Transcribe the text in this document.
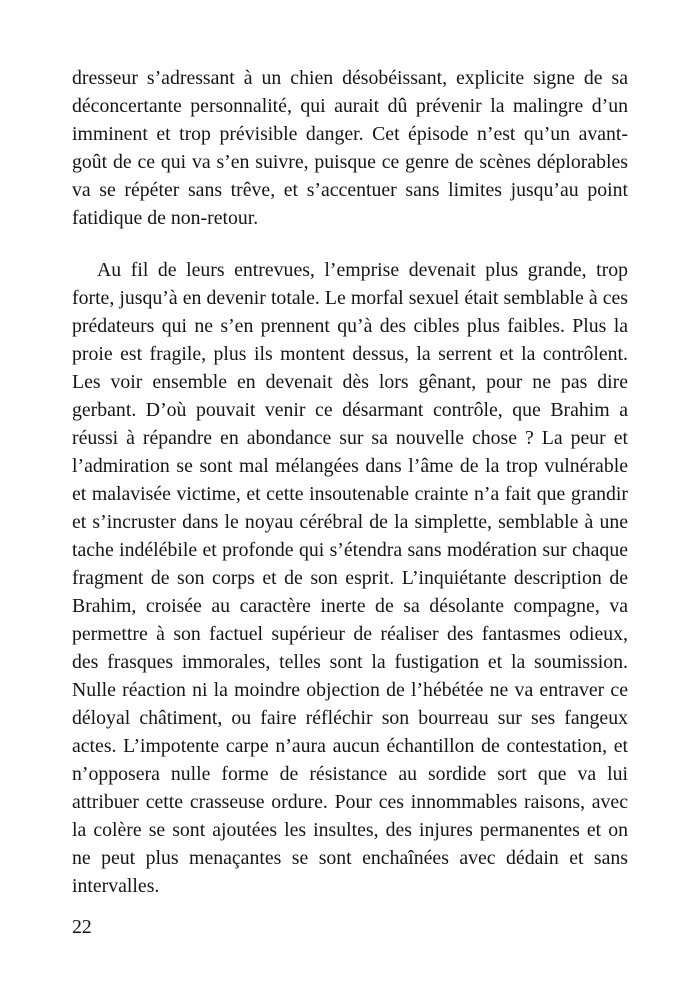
dresseur s’adressant à un chien désobéissant, explicite signe de sa déconcertante personnalité, qui aurait dû prévenir la malingre d’un imminent et trop prévisible danger. Cet épisode n’est qu’un avant-goût de ce qui va s’en suivre, puisque ce genre de scènes déplorables va se répéter sans trêve, et s’accentuer sans limites jusqu’au point fatidique de non-retour.

Au fil de leurs entrevues, l’emprise devenait plus grande, trop forte, jusqu’à en devenir totale. Le morfal sexuel était semblable à ces prédateurs qui ne s’en prennent qu’à des cibles plus faibles. Plus la proie est fragile, plus ils montent dessus, la serrent et la contrôlent. Les voir ensemble en devenait dès lors gênant, pour ne pas dire gerbant. D’où pouvait venir ce désarmant contrôle, que Brahim a réussi à répandre en abondance sur sa nouvelle chose ? La peur et l’admiration se sont mal mélangées dans l’âme de la trop vulnérable et malavisée victime, et cette insoutenable crainte n’a fait que grandir et s’incruster dans le noyau cérébral de la simplette, semblable à une tache indélébile et profonde qui s’étendra sans modération sur chaque fragment de son corps et de son esprit. L’inquiétante description de Brahim, croisée au caractère inerte de sa désolante compagne, va permettre à son factuel supérieur de réaliser des fantasmes odieux, des frasques immorales, telles sont la fustigation et la soumission. Nulle réaction ni la moindre objection de l’hébétée ne va entraver ce déloyal châtiment, ou faire réfléchir son bourreau sur ses fangeux actes. L’impotente carpe n’aura aucun échantillon de contestation, et n’opposera nulle forme de résistance au sordide sort que va lui attribuer cette crasseuse ordure. Pour ces innommables raisons, avec la colère se sont ajoutées les insultes, des injures permanentes et on ne peut plus menaçantes se sont enchaînées avec dédain et sans intervalles.

22
